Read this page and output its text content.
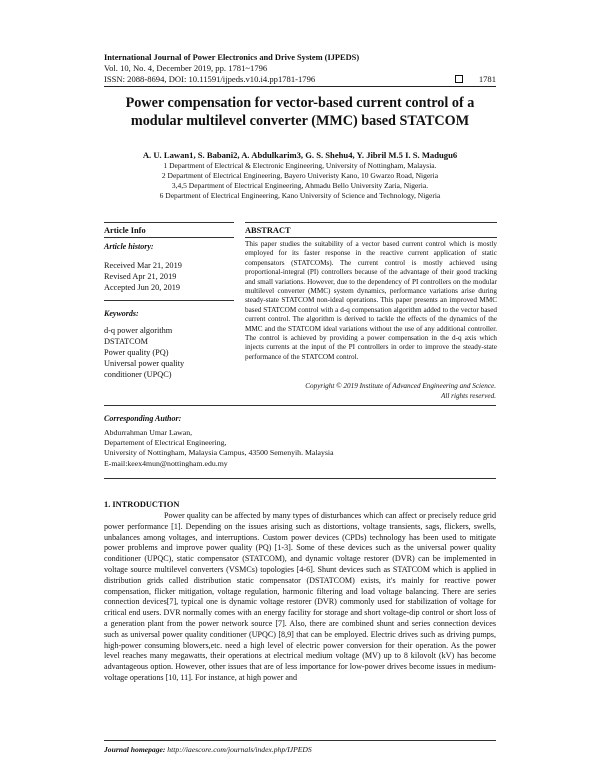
International Journal of Power Electronics and Drive System (IJPEDS)
Vol. 10, No. 4, December 2019, pp. 1781~1796
ISSN: 2088-8694, DOI: 10.11591/ijpeds.v10.i4.pp1781-1796	1781
Power compensation for vector-based current control of a
modular multilevel converter (MMC) based STATCOM
A. U. Lawan1, S. Babani2, A. Abdulkarim3, G. S. Shehu4, Y. Jibril M.5 I. S. Madugu6
1 Department of Electrical & Electronic Engineering, University of Nottingham, Malaysia.
2 Department of Electrical Engineering, Bayero Univeristy Kano, 10 Gwarzo Road, Nigeria
3,4,5 Department of Electrical Engineering, Ahmadu Bello University Zaria, Nigeria.
6 Department of Electrical Engineering, Kano University of Science and Technology, Nigeria
Article Info	ABSTRACT
Article history:
Received Mar 21, 2019
Revised Apr 21, 2019
Accepted Jun 20, 2019
Keywords:
d-q power algorithm
DSTATCOM
Power quality (PQ)
Universal power quality
conditioner (UPQC)
This paper studies the suitability of a vector based current control which is mostly employed for its faster response in the reactive current application of static compensators (STATCOMs). The current control is mostly achieved using proportional-integral (PI) controllers because of the advantage of their good tracking and small variations. However, due to the dependency of PI controllers on the modular multilevel converter (MMC) system dynamics, performance variations arise during steady-state STATCOM non-ideal operations. This paper presents an improved MMC based STATCOM control with a d-q compensation algorithm added to the vector based current control. The algorithm is derived to tackle the effects of the dynamics of the MMC and the STATCOM ideal variations without the use of any additional controller. The control is achieved by providing a power compensation in the d-q axis which injects currents at the input of the PI controllers in order to improve the steady-state performance of the STATCOM control.
Copyright © 2019 Institute of Advanced Engineering and Science.
All rights reserved.
Corresponding Author:
Abdurrahman Umar Lawan,
Departement of Electrical Engineering,
University of Nottingham, Malaysia Campus, 43500 Semenyih. Malaysia
E-mail:keex4mun@nottingham.edu.my
1. INTRODUCTION

Power quality can be affected by many types of disturbances which can affect or precisely reduce grid power performance [1]. Depending on the issues arising such as distortions, voltage transients, sags, flickers, swells, unbalances among voltages, and interruptions. Custom power devices (CPDs) technology has been used to mitigate power problems and improve power quality (PQ) [1-3]. Some of these devices such as the universal power quality conditioner (UPQC), static compensator (STATCOM), and dynamic voltage restorer (DVR) can be implemented in voltage source multilevel converters (VSMCs) topologies [4-6]. Shunt devices such as STATCOM which is applied in distribution grids called distribution static compensator (DSTATCOM) exists, it's mainly for reactive power compensation, flicker mitigation, voltage regulation, harmonic filtering and load voltage balancing. There are series connection devices[7], typical one is dynamic voltage restorer (DVR) commonly used for stabilization of voltage for critical end users. DVR normally comes with an energy facility for storage and short voltage-dip control or short loss of a generation plant from the power network source [7]. Also, there are combined shunt and series connection devices such as universal power quality conditioner (UPQC) [8,9] that can be employed. Electric drives such as driving pumps, high-power consuming blowers,etc. need a high level of electric power conversion for their operation. As the power level reaches many megawatts, their operations at electrical medium voltage (MV) up to 8 kilovolt (kV) has become advantageous option. However, other issues that are of less importance for low-power drives become issues in medium-voltage operations [10, 11]. For instance, at high power and

Journal homepage: http://iaescore.com/journals/index.php/IJPEDS
